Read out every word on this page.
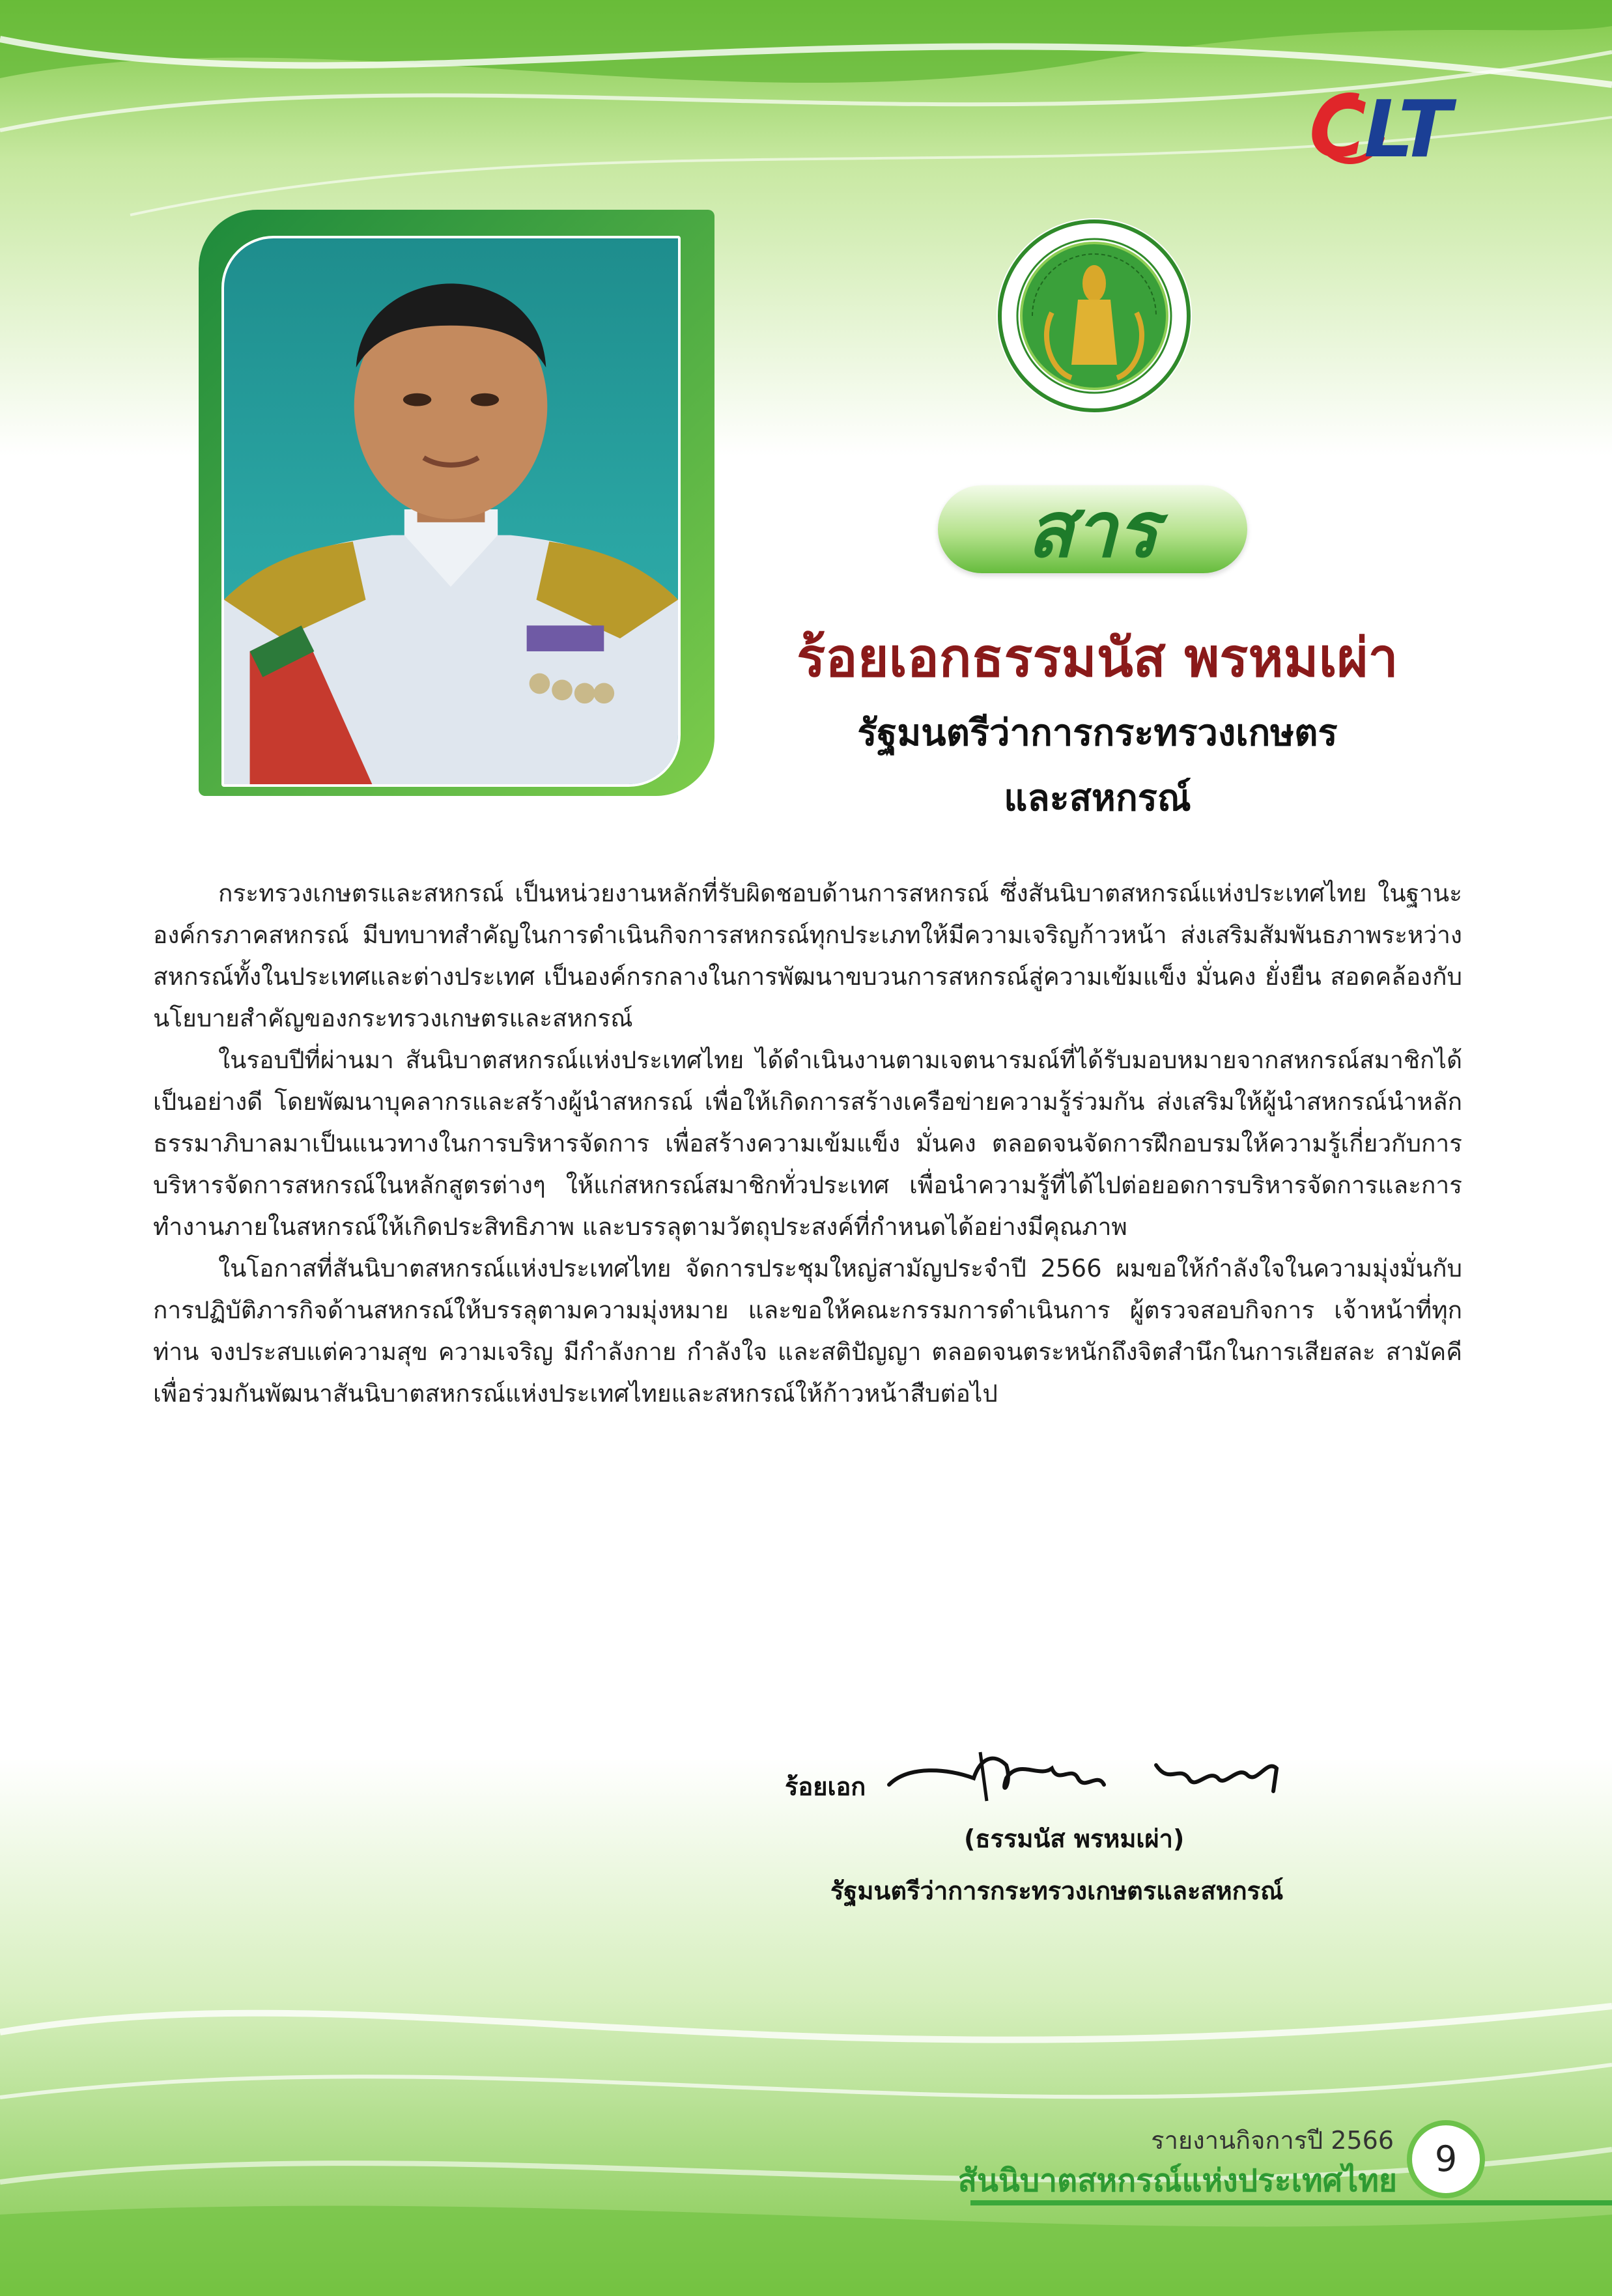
CLT
สาร
ร้อยเอกธรรมนัส พรหมเผ่า
รัฐมนตรีว่าการกระทรวงเกษตร
และสหกรณ์

กระทรวงเกษตรและสหกรณ์ เป็นหน่วยงานหลักที่รับผิดชอบด้านการสหกรณ์ ซึ่งสันนิบาตสหกรณ์แห่งประเทศไทย ในฐานะองค์กรภาคสหกรณ์ มีบทบาทสำคัญในการดำเนินกิจการสหกรณ์ทุกประเภทให้มีความเจริญก้าวหน้า ส่งเสริมสัมพันธภาพระหว่างสหกรณ์ทั้งในประเทศและต่างประเทศ เป็นองค์กรกลางในการพัฒนาขบวนการสหกรณ์สู่ความเข้มแข็ง มั่นคง ยั่งยืน สอดคล้องกับนโยบายสำคัญของกระทรวงเกษตรและสหกรณ์

ในรอบปีที่ผ่านมา สันนิบาตสหกรณ์แห่งประเทศไทย ได้ดำเนินงานตามเจตนารมณ์ที่ได้รับมอบหมายจากสหกรณ์สมาชิกได้เป็นอย่างดี โดยพัฒนาบุคลากรและสร้างผู้นำสหกรณ์ เพื่อให้เกิดการสร้างเครือข่ายความรู้ร่วมกัน ส่งเสริมให้ผู้นำสหกรณ์นำหลักธรรมาภิบาลมาเป็นแนวทางในการบริหารจัดการ เพื่อสร้างความเข้มแข็ง มั่นคง ตลอดจนจัดการฝึกอบรมให้ความรู้เกี่ยวกับการบริหารจัดการสหกรณ์ในหลักสูตรต่างๆ ให้แก่สหกรณ์สมาชิกทั่วประเทศ เพื่อนำความรู้ที่ได้ไปต่อยอดการบริหารจัดการและการทำงานภายในสหกรณ์ให้เกิดประสิทธิภาพ และบรรลุตามวัตถุประสงค์ที่กำหนดได้อย่างมีคุณภาพ

ในโอกาสที่สันนิบาตสหกรณ์แห่งประเทศไทย จัดการประชุมใหญ่สามัญประจำปี 2566 ผมขอให้กำลังใจในความมุ่งมั่นกับการปฏิบัติภารกิจด้านสหกรณ์ให้บรรลุตามความมุ่งหมาย และขอให้คณะกรรมการดำเนินการ ผู้ตรวจสอบกิจการ เจ้าหน้าที่ทุกท่าน จงประสบแต่ความสุข ความเจริญ มีกำลังกาย กำลังใจ และสติปัญญา ตลอดจนตระหนักถึงจิตสำนึกในการเสียสละ สามัคคี เพื่อร่วมกันพัฒนาสันนิบาตสหกรณ์แห่งประเทศไทยและสหกรณ์ให้ก้าวหน้าสืบต่อไป

ร้อยเอก
(ธรรมนัส พรหมเผ่า)
รัฐมนตรีว่าการกระทรวงเกษตรและสหกรณ์
รายงานกิจการปี 2566
สันนิบาตสหกรณ์แห่งประเทศไทย
9
